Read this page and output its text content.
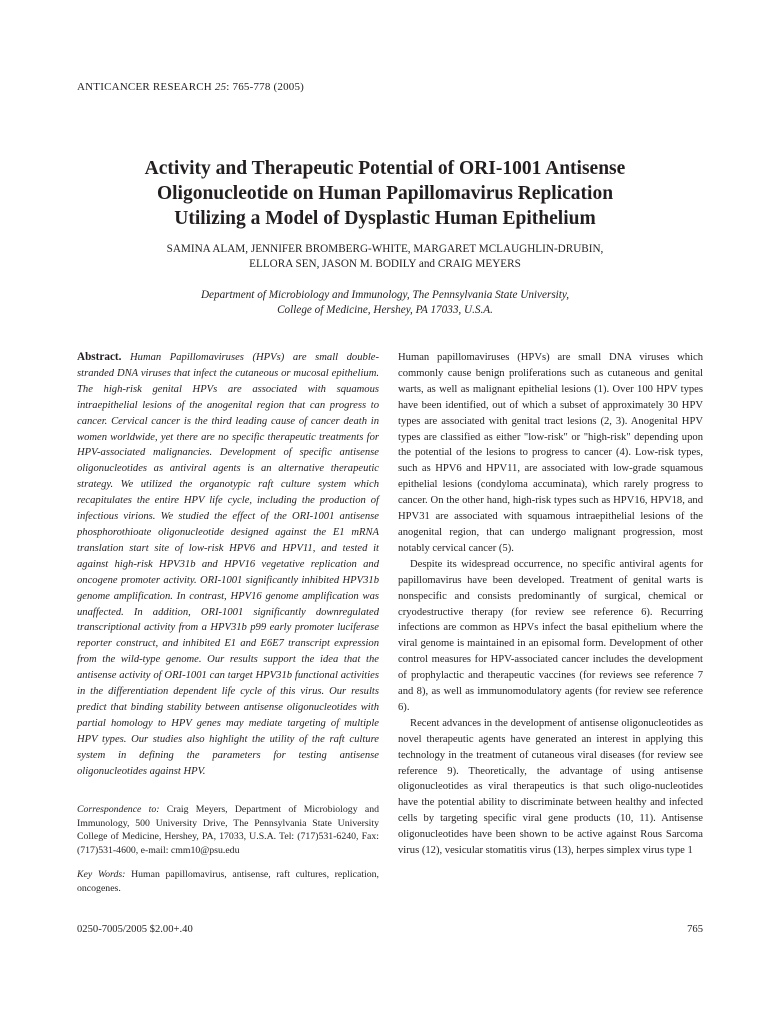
ANTICANCER RESEARCH 25: 765-778 (2005)
Activity and Therapeutic Potential of ORI-1001 Antisense
Oligonucleotide on Human Papillomavirus Replication
Utilizing a Model of Dysplastic Human Epithelium
SAMINA ALAM, JENNIFER BROMBERG-WHITE, MARGARET MCLAUGHLIN-DRUBIN,
ELLORA SEN, JASON M. BODILY and CRAIG MEYERS
Department of Microbiology and Immunology, The Pennsylvania State University,
College of Medicine, Hershey, PA 17033, U.S.A.
Abstract. Human Papillomaviruses (HPVs) are small double-stranded DNA viruses that infect the cutaneous or mucosal epithelium. The high-risk genital HPVs are associated with squamous intraepithelial lesions of the anogenital region that can progress to cancer. Cervical cancer is the third leading cause of cancer death in women worldwide, yet there are no specific therapeutic treatments for HPV-associated malignancies. Development of specific antisense oligonucleotides as antiviral agents is an alternative therapeutic strategy. We utilized the organotypic raft culture system which recapitulates the entire HPV life cycle, including the production of infectious virions. We studied the effect of the ORI-1001 antisense phosphorothioate oligonucleotide designed against the E1 mRNA translation start site of low-risk HPV6 and HPV11, and tested it against high-risk HPV31b and HPV16 vegetative replication and oncogene promoter activity. ORI-1001 significantly inhibited HPV31b genome amplification. In contrast, HPV16 genome amplification was unaffected. In addition, ORI-1001 significantly downregulated transcriptional activity from a HPV31b p99 early promoter luciferase reporter construct, and inhibited E1 and E6E7 transcript expression from the wild-type genome. Our results support the idea that the antisense activity of ORI-1001 can target HPV31b functional activities in the differentiation dependent life cycle of this virus. Our results predict that binding stability between antisense oligonucleotides with partial homology to HPV genes may mediate targeting of multiple HPV types. Our studies also highlight the utility of the raft culture system in defining the parameters for testing antisense oligonucleotides against HPV.
Correspondence to: Craig Meyers, Department of Microbiology and Immunology, 500 University Drive, The Pennsylvania State University College of Medicine, Hershey, PA, 17033, U.S.A. Tel: (717)531-6240, Fax: (717)531-4600, e-mail: cmm10@psu.edu
Key Words: Human papillomavirus, antisense, raft cultures, replication, oncogenes.

Human papillomaviruses (HPVs) are small DNA viruses which commonly cause benign proliferations such as cutaneous and genital warts, as well as malignant epithelial lesions (1). Over 100 HPV types have been identified, out of which a subset of approximately 30 HPV types are associated with genital tract lesions (2, 3). Anogenital HPV types are classified as either "low-risk" or "high-risk" depending upon the potential of the lesions to progress to cancer (4). Low-risk types, such as HPV6 and HPV11, are associated with low-grade squamous epithelial lesions (condyloma accuminata), which rarely progress to cancer. On the other hand, high-risk types such as HPV16, HPV18, and HPV31 are associated with squamous intraepithelial lesions of the anogenital region, that can undergo malignant progression, most notably cervical cancer (5).

Despite its widespread occurrence, no specific antiviral agents for papillomavirus have been developed. Treatment of genital warts is nonspecific and consists predominantly of surgical, chemical or cryodestructive therapy (for review see reference 6). Recurring infections are common as HPVs infect the basal epithelium where the viral genome is maintained in an episomal form. Development of other control measures for HPV-associated cancer includes the development of prophylactic and therapeutic vaccines (for reviews see reference 7 and 8), as well as immunomodulatory agents (for review see reference 6).

Recent advances in the development of antisense oligonucleotides as novel therapeutic agents have generated an interest in applying this technology in the treatment of cutaneous viral diseases (for review see reference 9). Theoretically, the advantage of using antisense oligonucleotides as viral therapeutics is that such oligo-nucleotides have the potential ability to discriminate between healthy and infected cells by targeting specific viral gene products (10, 11). Antisense oligonucleotides have been shown to be active against Rous Sarcoma virus (12), vesicular stomatitis virus (13), herpes simplex virus type 1

0250-7005/2005 $2.00+.40	765
